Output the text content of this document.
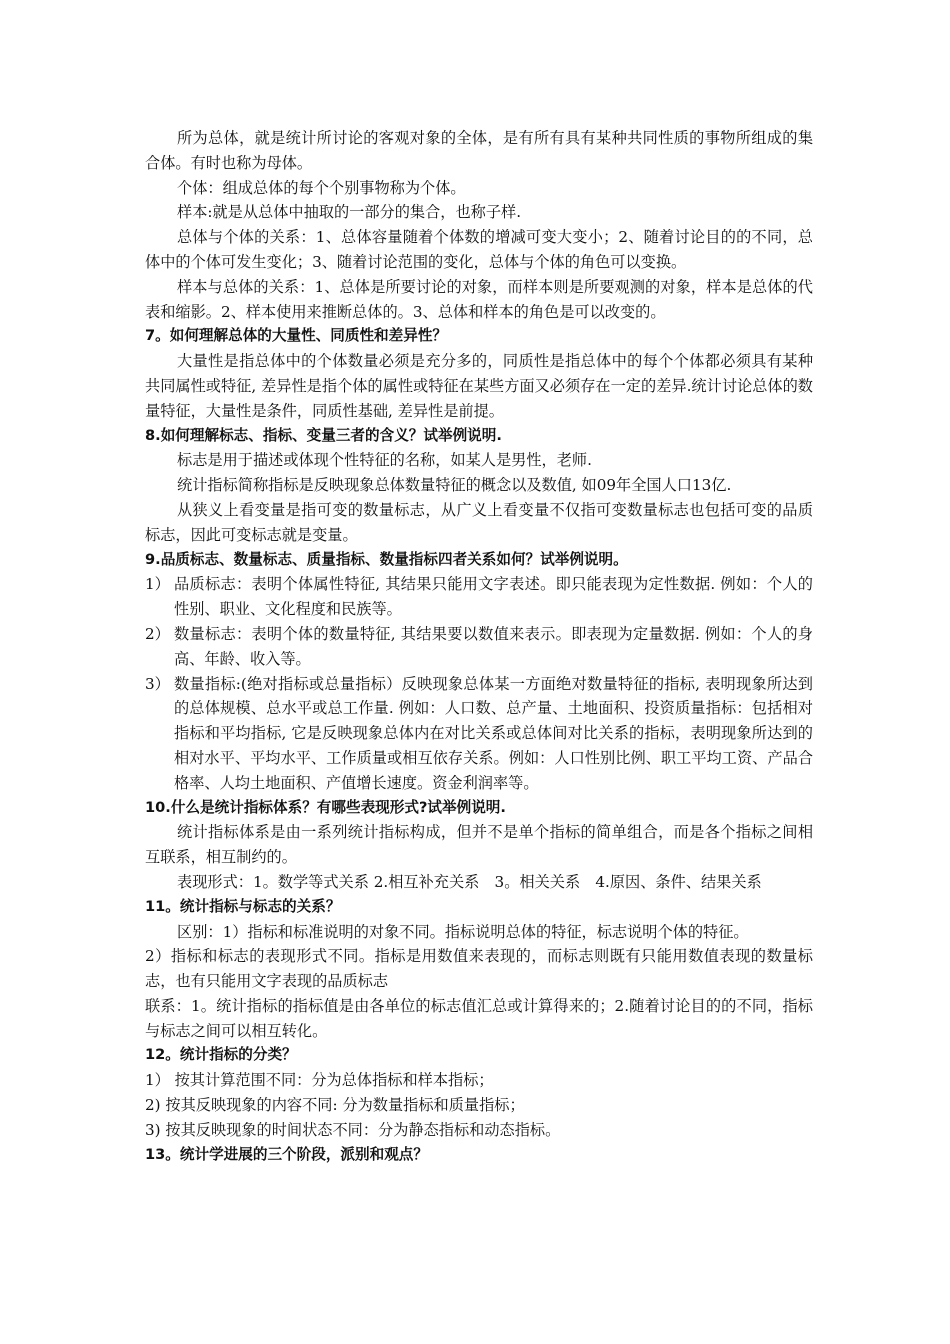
所为总体，就是统计所讨论的客观对象的全体，是有所有具有某种共同性质的事物所组成的集合体。有时也称为母体。

个体：组成总体的每个个别事物称为个体。

样本:就是从总体中抽取的一部分的集合，也称子样.

总体与个体的关系：1、总体容量随着个体数的增减可变大变小；2、随着讨论目的的不同，总体中的个体可发生变化；3、随着讨论范围的变化，总体与个体的角色可以变换。

样本与总体的关系：1、总体是所要讨论的对象，而样本则是所要观测的对象，样本是总体的代表和缩影。2、样本使用来推断总体的。3、总体和样本的角色是可以改变的。

7。如何理解总体的大量性、同质性和差异性？

大量性是指总体中的个体数量必须是充分多的，同质性是指总体中的每个个体都必须具有某种共同属性或特征, 差异性是指个体的属性或特征在某些方面又必须存在一定的差异.统计讨论总体的数量特征，大量性是条件，同质性基础, 差异性是前提。

8.如何理解标志、指标、变量三者的含义？试举例说明.

标志是用于描述或体现个性特征的名称，如某人是男性，老师.

统计指标简称指标是反映现象总体数量特征的概念以及数值, 如09年全国人口13亿.

从狭义上看变量是指可变的数量标志，从广义上看变量不仅指可变数量标志也包括可变的品质标志，因此可变标志就是变量。

9.品质标志、数量标志、质量指标、数量指标四者关系如何？试举例说明。

1） 品质标志：表明个体属性特征, 其结果只能用文字表述。即只能表现为定性数据. 例如：个人的性别、职业、文化程度和民族等。

2） 数量标志：表明个体的数量特征, 其结果要以数值来表示。即表现为定量数据. 例如：个人的身高、年龄、收入等。

3） 数量指标:(绝对指标或总量指标）反映现象总体某一方面绝对数量特征的指标, 表明现象所达到的总体规模、总水平或总工作量. 例如：人口数、总产量、土地面积、投资质量指标：包括相对指标和平均指标, 它是反映现象总体内在对比关系或总体间对比关系的指标，表明现象所达到的相对水平、平均水平、工作质量或相互依存关系。例如：人口性别比例、职工平均工资、产品合格率、人均土地面积、产值增长速度。资金利润率等。

10.什么是统计指标体系？有哪些表现形式?试举例说明.

统计指标体系是由一系列统计指标构成，但并不是单个指标的简单组合，而是各个指标之间相互联系，相互制约的。

表现形式：1。数学等式关系 2.相互补充关系　3。相关关系　4.原因、条件、结果关系

11。统计指标与标志的关系？

区别：1）指标和标准说明的对象不同。指标说明总体的特征，标志说明个体的特征。

2）指标和标志的表现形式不同。指标是用数值来表现的，而标志则既有只能用数值表现的数量标志，也有只能用文字表现的品质标志

联系：1。统计指标的指标值是由各单位的标志值汇总或计算得来的；2.随着讨论目的的不同，指标与标志之间可以相互转化。

12。统计指标的分类？

1） 按其计算范围不同：分为总体指标和样本指标；

2) 按其反映现象的内容不同: 分为数量指标和质量指标；

3) 按其反映现象的时间状态不同：分为静态指标和动态指标。

13。统计学进展的三个阶段，派别和观点？
